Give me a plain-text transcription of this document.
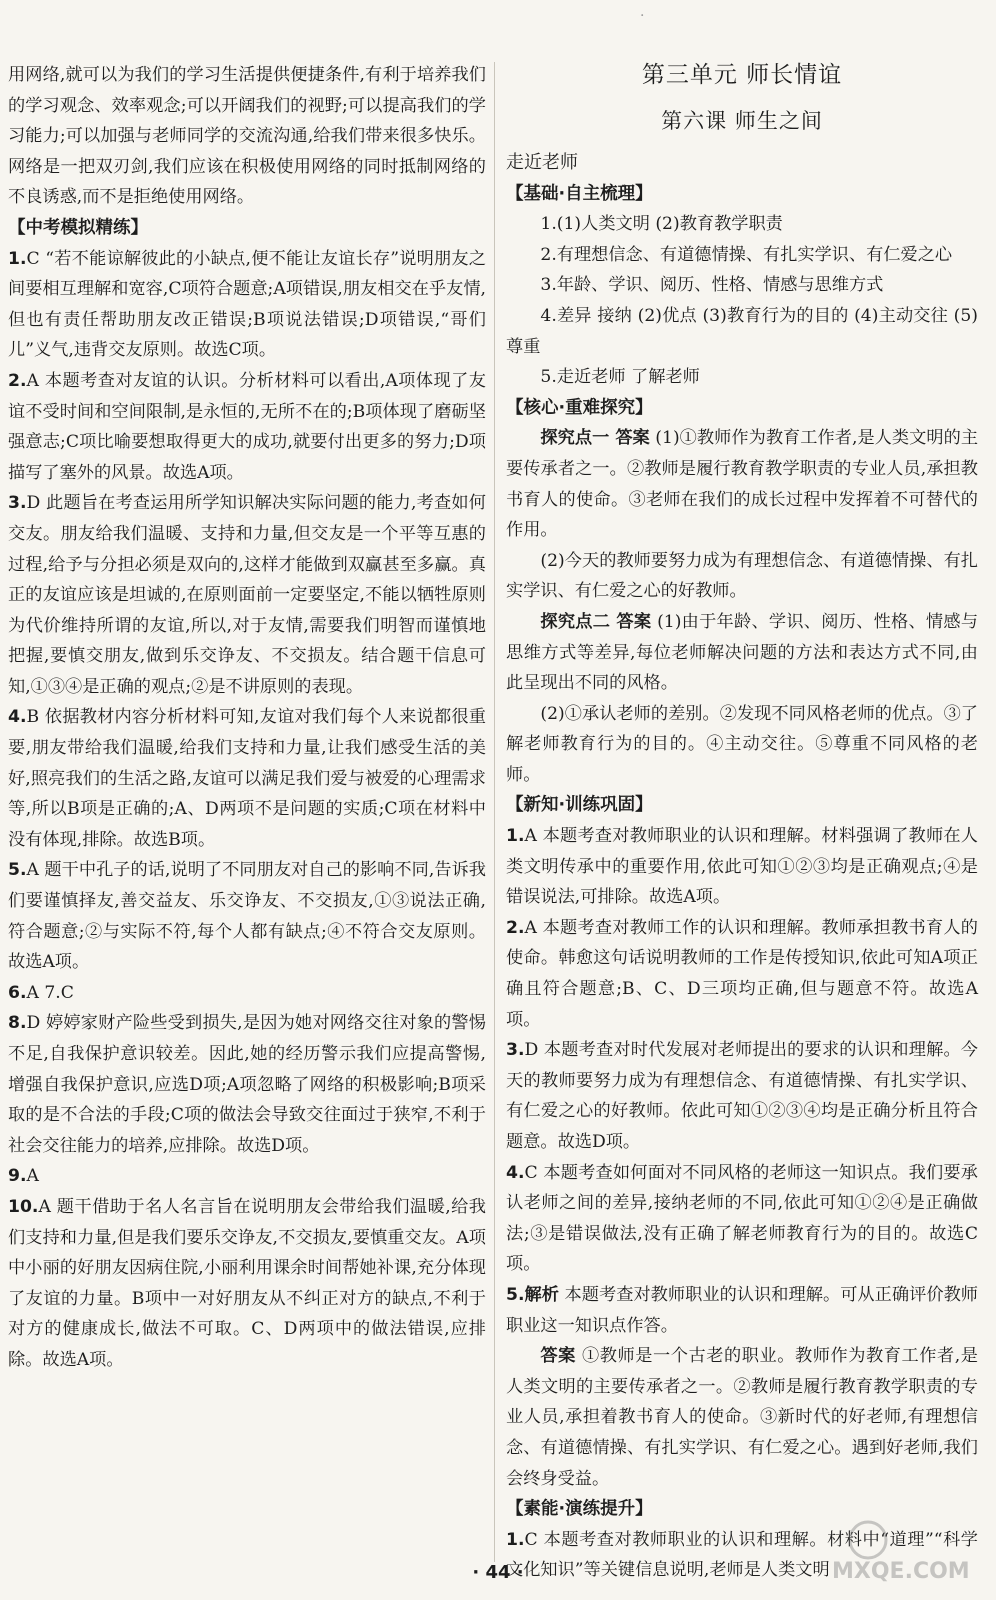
·
用网络,就可以为我们的学习生活提供便捷条件,有利于培养我们的学习观念、效率观念;可以开阔我们的视野;可以提高我们的学习能力;可以加强与老师同学的交流沟通,给我们带来很多快乐。网络是一把双刃剑,我们应该在积极使用网络的同时抵制网络的不良诱惑,而不是拒绝使用网络。
【中考模拟精练】
1.C “若不能谅解彼此的小缺点,便不能让友谊长存”说明朋友之间要相互理解和宽容,C项符合题意;A项错误,朋友相交在乎友情,但也有责任帮助朋友改正错误;B项说法错误;D项错误,“哥们儿”义气,违背交友原则。故选C项。
2.A 本题考查对友谊的认识。分析材料可以看出,A项体现了友谊不受时间和空间限制,是永恒的,无所不在的;B项体现了磨砺坚强意志;C项比喻要想取得更大的成功,就要付出更多的努力;D项描写了塞外的风景。故选A项。
3.D 此题旨在考查运用所学知识解决实际问题的能力,考查如何交友。朋友给我们温暖、支持和力量,但交友是一个平等互惠的过程,给予与分担必须是双向的,这样才能做到双赢甚至多赢。真正的友谊应该是坦诚的,在原则面前一定要坚定,不能以牺牲原则为代价维持所谓的友谊,所以,对于友情,需要我们明智而谨慎地把握,要慎交朋友,做到乐交诤友、不交损友。结合题干信息可知,①③④是正确的观点;②是不讲原则的表现。
4.B 依据教材内容分析材料可知,友谊对我们每个人来说都很重要,朋友带给我们温暖,给我们支持和力量,让我们感受生活的美好,照亮我们的生活之路,友谊可以满足我们爱与被爱的心理需求等,所以B项是正确的;A、D两项不是问题的实质;C项在材料中没有体现,排除。故选B项。
5.A 题干中孔子的话,说明了不同朋友对自己的影响不同,告诉我们要谨慎择友,善交益友、乐交诤友、不交损友,①③说法正确,符合题意;②与实际不符,每个人都有缺点;④不符合交友原则。故选A项。
6.A 7.C
8.D 婷婷家财产险些受到损失,是因为她对网络交往对象的警惕不足,自我保护意识较差。因此,她的经历警示我们应提高警惕,增强自我保护意识,应选D项;A项忽略了网络的积极影响;B项采取的是不合法的手段;C项的做法会导致交往面过于狭窄,不利于社会交往能力的培养,应排除。故选D项。
9.A
10.A 题干借助于名人名言旨在说明朋友会带给我们温暖,给我们支持和力量,但是我们要乐交诤友,不交损友,要慎重交友。A项中小丽的好朋友因病住院,小丽利用课余时间帮她补课,充分体现了友谊的力量。B项中一对好朋友从不纠正对方的缺点,不利于对方的健康成长,做法不可取。C、D两项中的做法错误,应排除。故选A项。
第三单元 师长情谊
第六课 师生之间
走近老师
【基础·自主梳理】
1.(1)人类文明 (2)教育教学职责
2.有理想信念、有道德情操、有扎实学识、有仁爱之心
3.年龄、学识、阅历、性格、情感与思维方式
4.差异 接纳 (2)优点 (3)教育行为的目的 (4)主动交往 (5)尊重
5.走近老师 了解老师
【核心·重难探究】
探究点一 答案 (1)①教师作为教育工作者,是人类文明的主要传承者之一。②教师是履行教育教学职责的专业人员,承担教书育人的使命。③老师在我们的成长过程中发挥着不可替代的作用。
(2)今天的教师要努力成为有理想信念、有道德情操、有扎实学识、有仁爱之心的好教师。
探究点二 答案 (1)由于年龄、学识、阅历、性格、情感与思维方式等差异,每位老师解决问题的方法和表达方式不同,由此呈现出不同的风格。
(2)①承认老师的差别。②发现不同风格老师的优点。③了解老师教育行为的目的。④主动交往。⑤尊重不同风格的老师。
【新知·训练巩固】
1.A 本题考查对教师职业的认识和理解。材料强调了教师在人类文明传承中的重要作用,依此可知①②③均是正确观点;④是错误说法,可排除。故选A项。
2.A 本题考查对教师工作的认识和理解。教师承担教书育人的使命。韩愈这句话说明教师的工作是传授知识,依此可知A项正确且符合题意;B、C、D三项均正确,但与题意不符。故选A项。
3.D 本题考查对时代发展对老师提出的要求的认识和理解。今天的教师要努力成为有理想信念、有道德情操、有扎实学识、有仁爱之心的好教师。依此可知①②③④均是正确分析且符合题意。故选D项。
4.C 本题考查如何面对不同风格的老师这一知识点。我们要承认老师之间的差异,接纳老师的不同,依此可知①②④是正确做法;③是错误做法,没有正确了解老师教育行为的目的。故选C项。
5.解析 本题考查对教师职业的认识和理解。可从正确评价教师职业这一知识点作答。
答案 ①教师是一个古老的职业。教师作为教育工作者,是人类文明的主要传承者之一。②教师是履行教育教学职责的专业人员,承担着教书育人的使命。③新时代的好老师,有理想信念、有道德情操、有扎实学识、有仁爱之心。遇到好老师,我们会终身受益。
【素能·演练提升】
1.C 本题考查对教师职业的认识和理解。材料中“道理”“科学文化知识”等关键信息说明,老师是人类文明
· 44 ·	MXQE.COM
